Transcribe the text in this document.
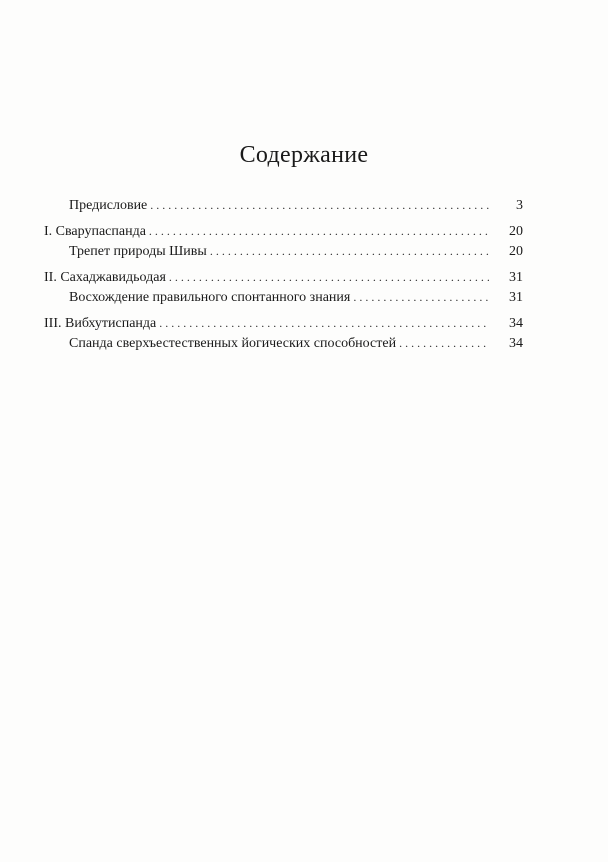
Содержание
Предисловие . . .	3
I. Сварупаспанда . . .	20
Трепет природы Шивы . . .	20
II. Сахаджавидьодая . . .	31
Восхождение правильного спонтанного знания . . .	31
III. Вибхутиспанда . . .	34
Спанда сверхъестественных йогических способностей . . .	34
